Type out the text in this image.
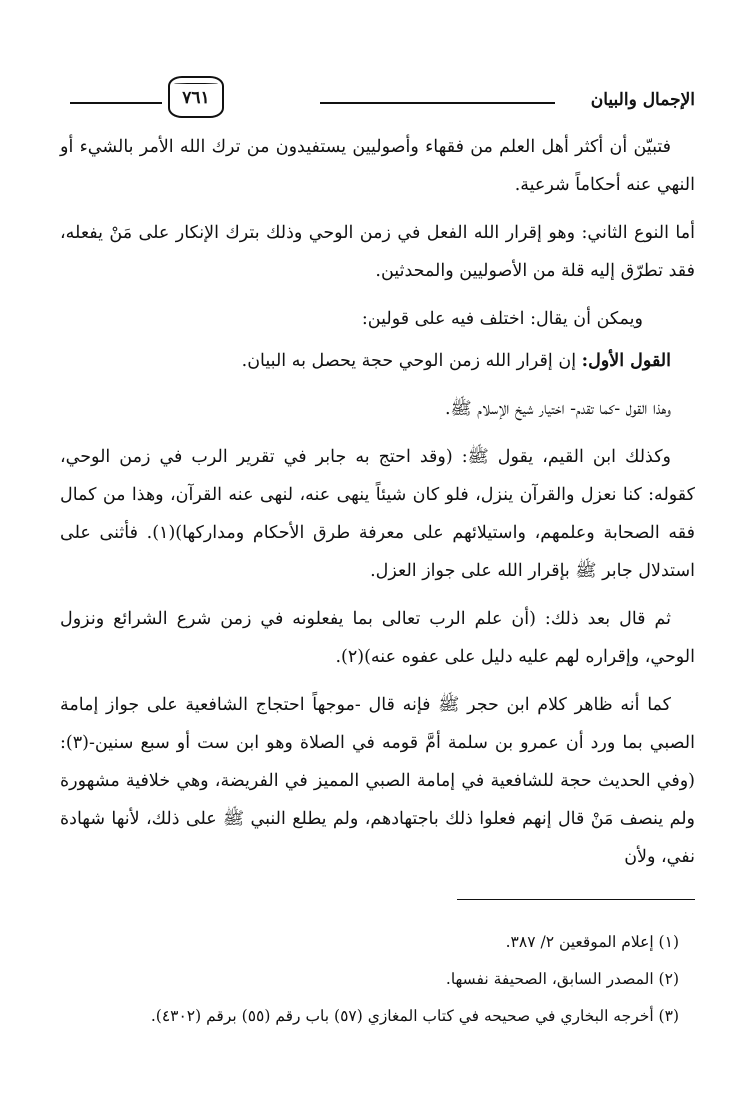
الإجمال والبيان
٧٦١

فتبيّن أن أكثر أهل العلم من فقهاء وأصوليين يستفيدون من ترك الله الأمر بالشيء أو النهي عنه أحكاماً شرعية.

أما النوع الثاني: وهو إقرار الله الفعل في زمن الوحي وذلك بترك الإنكار على مَنْ يفعله، فقد تطرّق إليه قلة من الأصوليين والمحدثين.

ويمكن أن يقال: اختلف فيه على قولين:

القول الأول: إن إقرار الله زمن الوحي حجة يحصل به البيان.

وهذا القول -كما تقدم- اختيار شيخ الإسلام ﷺ.

وكذلك ابن القيم، يقول ﷺ: (وقد احتج به جابر في تقرير الرب في زمن الوحي، كقوله: كنا نعزل والقرآن ينزل، فلو كان شيئاً ينهى عنه، لنهى عنه القرآن، وهذا من كمال فقه الصحابة وعلمهم، واستيلائهم على معرفة طرق الأحكام ومداركها)(١). فأثنى على استدلال جابر ﷺ بإقرار الله على جواز العزل.

ثم قال بعد ذلك: (أن علم الرب تعالى بما يفعلونه في زمن شرع الشرائع ونزول الوحي، وإقراره لهم عليه دليل على عفوه عنه)(٢).

كما أنه ظاهر كلام ابن حجر ﷺ فإنه قال -موجهاً احتجاج الشافعية على جواز إمامة الصبي بما ورد أن عمرو بن سلمة أمَّ قومه في الصلاة وهو ابن ست أو سبع سنين-(٣): (وفي الحديث حجة للشافعية في إمامة الصبي المميز في الفريضة، وهي خلافية مشهورة ولم ينصف مَنْ قال إنهم فعلوا ذلك باجتهادهم، ولم يطلع النبي ﷺ على ذلك، لأنها شهادة نفي، ولأن

(١) إعلام الموقعين ٢/ ٣٨٧.
(٢) المصدر السابق، الصحيفة نفسها.
(٣) أخرجه البخاري في صحيحه في كتاب المغازي (٥٧) باب رقم (٥٥) برقم (٤٣٠٢).
